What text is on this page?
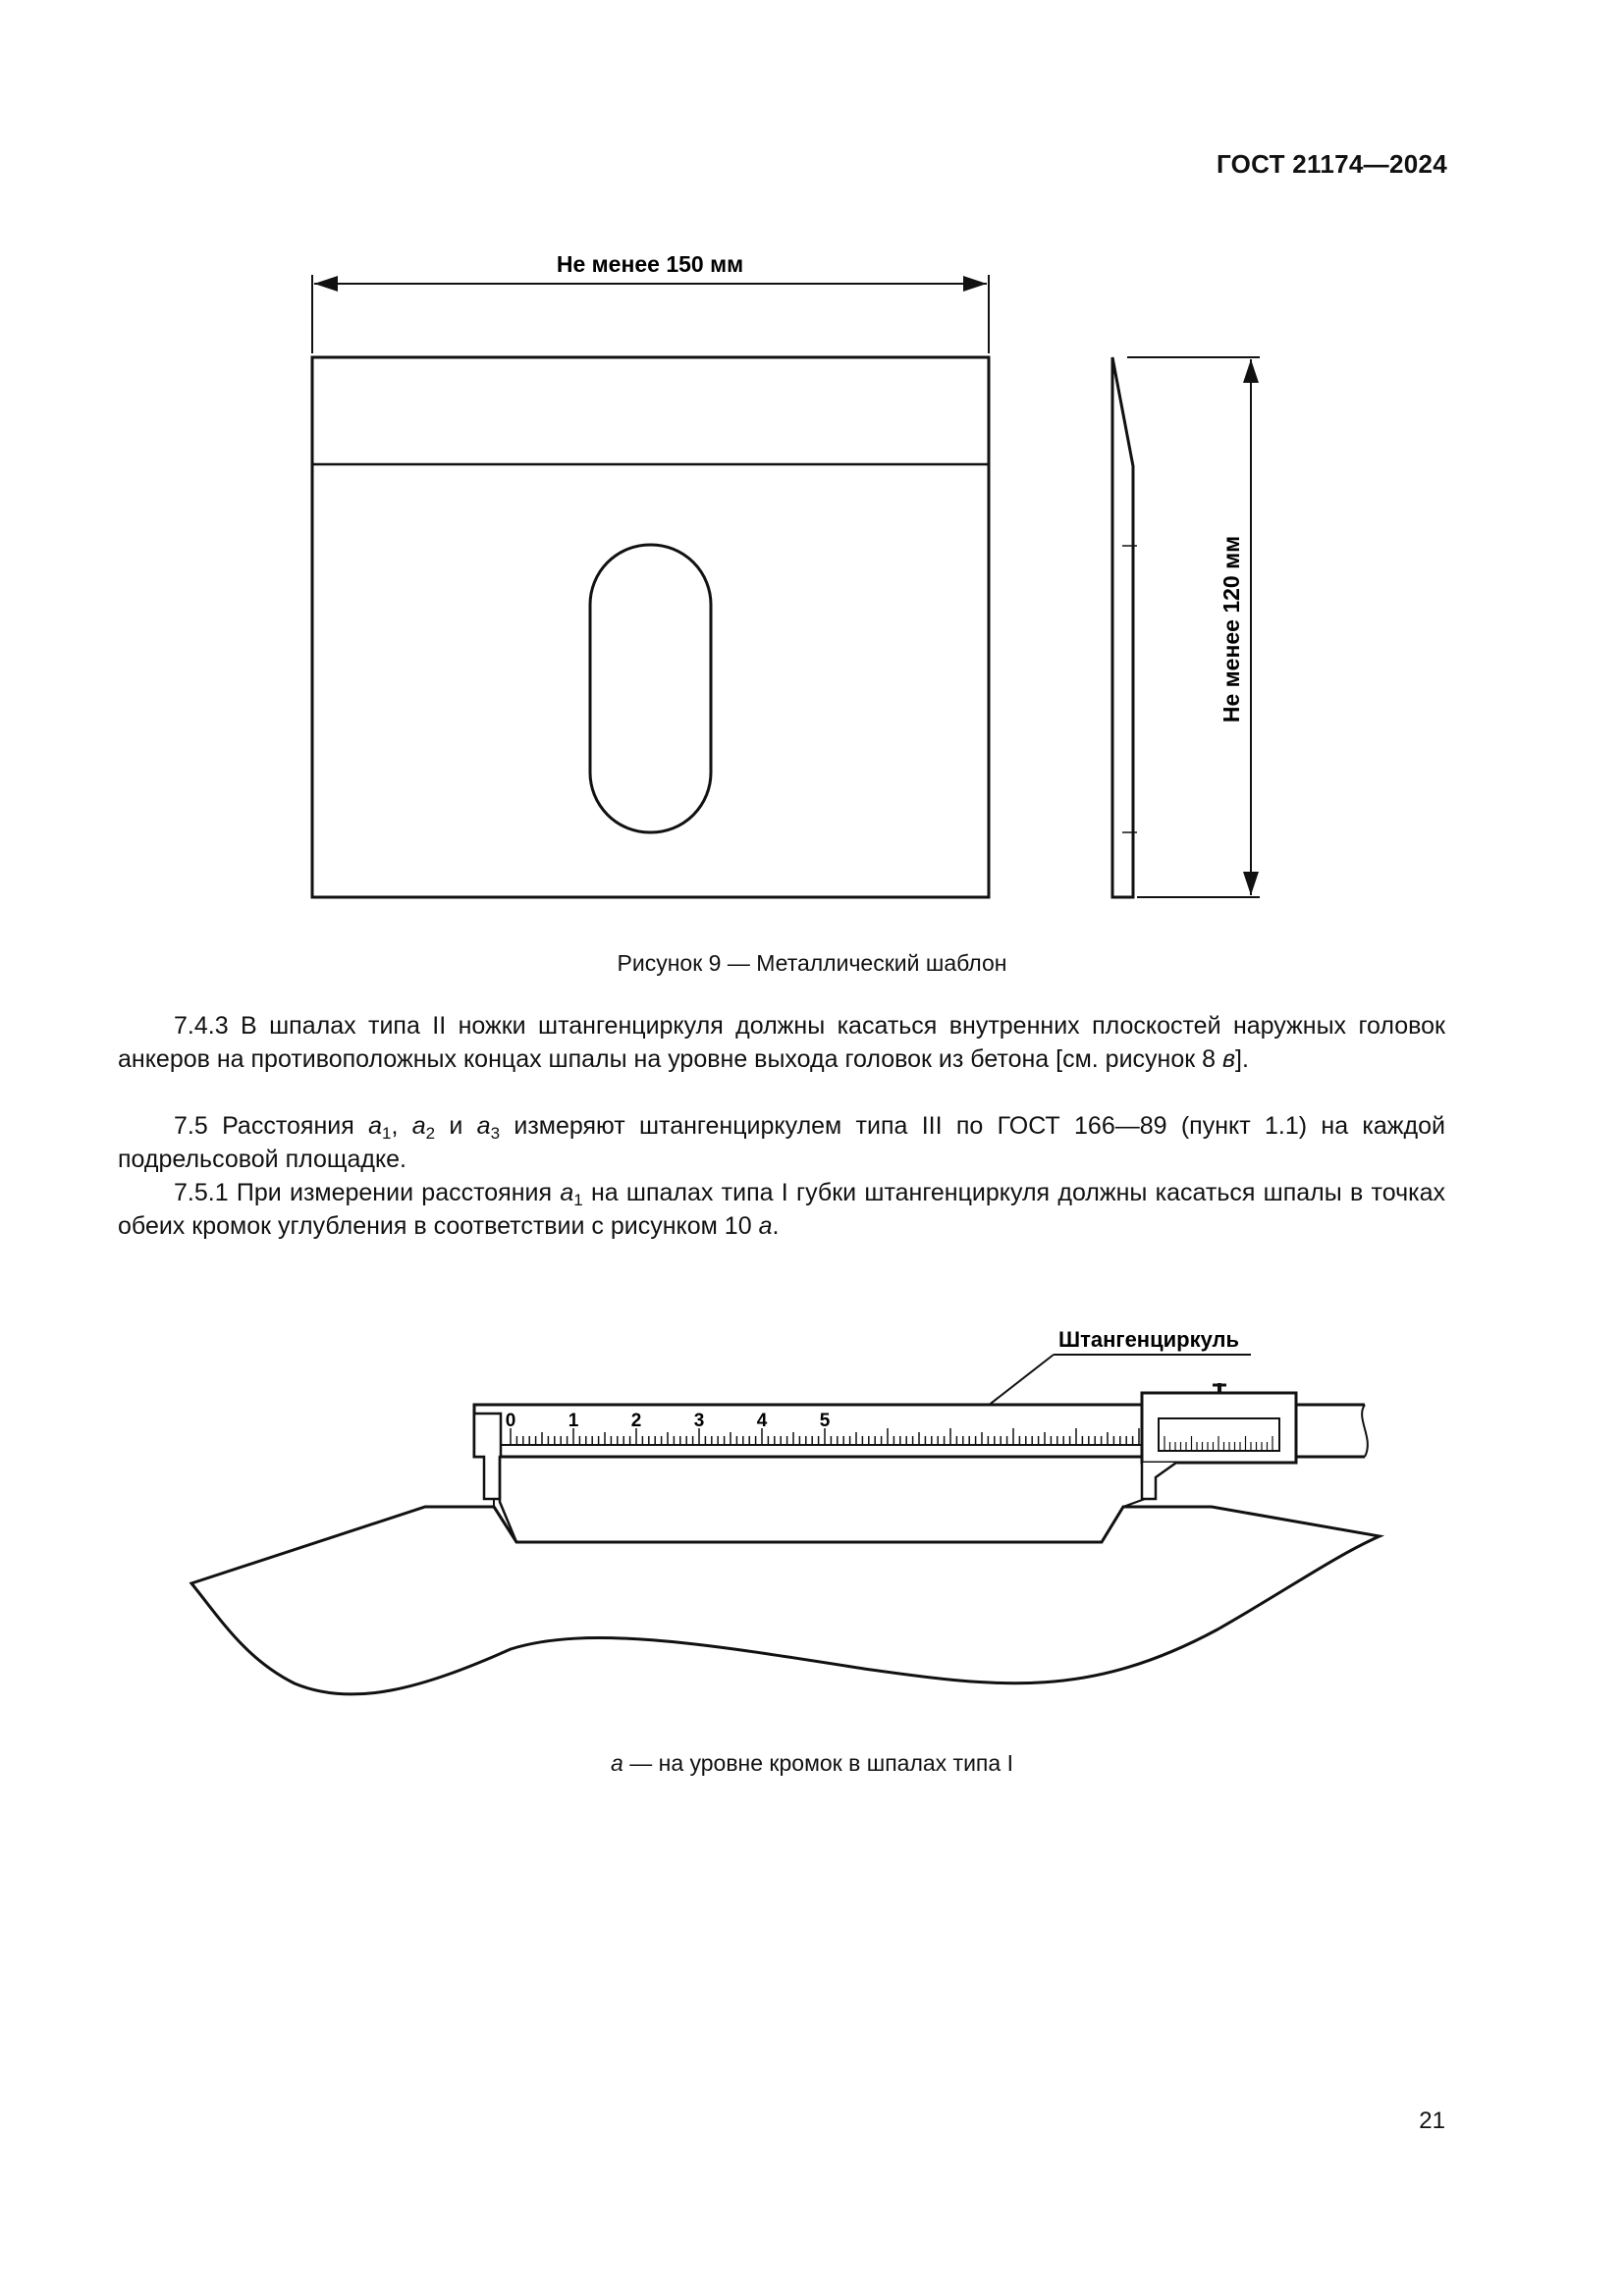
ГОСТ 21174—2024
Не менее 150 мм
Не менее 120 мм
Рисунок 9 — Металлический шаблон

7.4.3 В шпалах типа II ножки штангенциркуля должны касаться внутренних плоскостей наружных головок анкеров на противоположных концах шпалы на уровне выхода головок из бетона [см. рисунок 8 в].

7.5 Расстояния $а_1$, $а_2$ и $а_3$ измеряют штангенциркулем типа III по ГОСТ 166—89 (пункт 1.1) на каждой подрельсовой площадке.

7.5.1 При измерении расстояния $а_1$ на шпалах типа I губки штангенциркуля должны касаться шпалы в точках обеих кромок углубления в соответствии с рисунком 10 а.

Штангенциркуль
0	1	2	3	4	5
а — на уровне кромок в шпалах типа I
21
